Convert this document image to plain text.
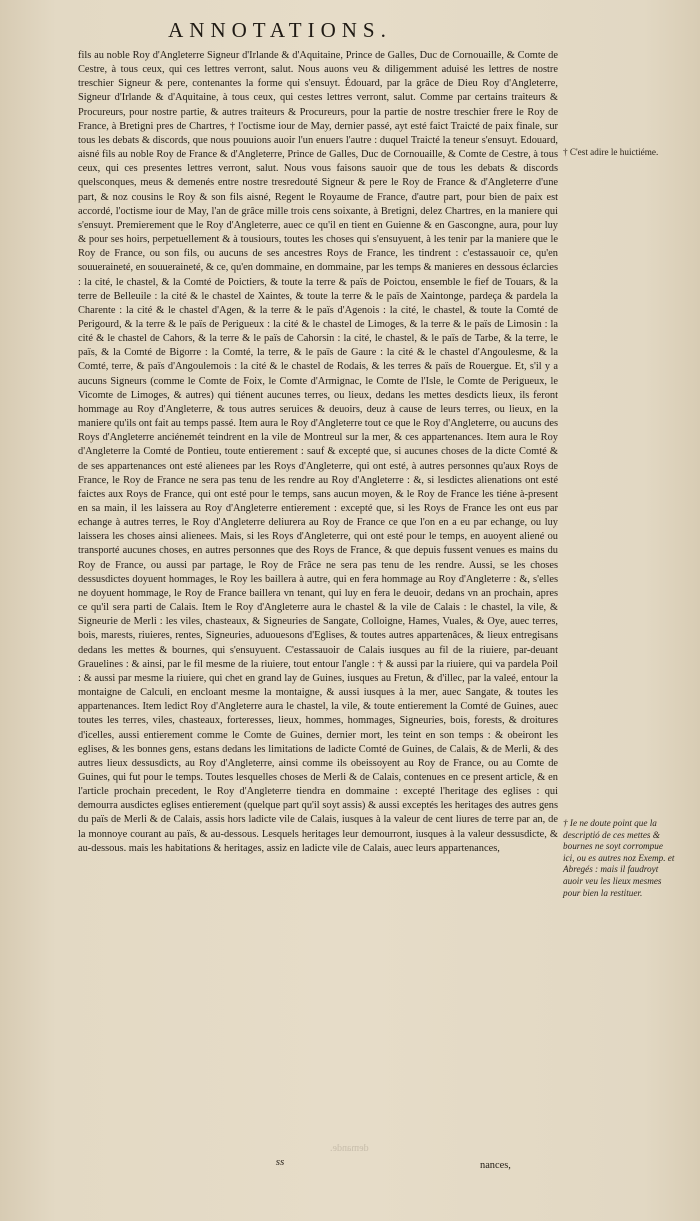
ANNOTATIONS.

fils au noble Roy d'Angleterre Signeur d'Irlande & d'Aquitaine, Prince de Galles, Duc de Cornouaille, & Comte de Cestre, à tous ceux, qui ces lettres verront, salut. Nous auons veu & diligemment aduisé les lettres de nostre treschier Signeur & pere, contenantes la forme qui s'ensuyt. Édouard, par la grâce de Dieu Roy d'Angleterre, Signeur d'Irlande & d'Aquitaine, à tous ceux, qui cestes lettres verront, salut. Comme par certains traiteurs & Procureurs, pour nostre partie, & autres traiteurs & Procureurs, pour la partie de nostre treschier frere le Roy de France, à Bretigni pres de Chartres, † l'octisme iour de May, dernier passé, ayt esté faict Traicté de paix finale, sur tous les debats & discords, que nous pouuions auoir l'un enuers l'autre : duquel Traicté la teneur s'ensuyt. Edouard, aisné fils au noble Roy de France & d'Angleterre, Prince de Galles, Duc de Cornouaille, & Comte de Cestre, à tous ceux, qui ces presentes lettres verront, salut. Nous vous faisons sauoir que de tous les debats & discords quelsconques, meus & demenés entre nostre tresredouté Signeur & pere le Roy de France & d'Angleterre d'une part, & noz cousins le Roy & son fils aisné, Regent le Royaume de France, d'autre part, pour bien de paix est accordé, l'octisme iour de May, l'an de grâce mille trois cens soixante, à Bretigni, delez Chartres, en la maniere qui s'ensuyt. Premierement que le Roy d'Angleterre, auec ce qu'il en tient en Guienne & en Gascongne, aura, pour luy & pour ses hoirs, perpetuellement & à tousiours, toutes les choses qui s'ensuyuent, à les tenir par la maniere que le Roy de France, ou son fils, ou aucuns de ses ancestres Roys de France, les tindrent : c'estassauoir ce, qu'en souueraineté, en souueraineté, & ce, qu'en dommaine, en dommaine, par les temps & manieres en dessous éclarcies : la cité, le chastel, & la Comté de Poictiers, & toute la terre & païs de Poictou, ensemble le fief de Touars, & la terre de Belleuile : la cité & le chastel de Xaintes, & toute la terre & le païs de Xaintonge, pardeça & pardela la Charente : la cité & le chastel d'Agen, & la terre & le païs d'Agenois : la cité, le chastel, & toute la Comté de Perigourd, & la terre & le païs de Perigueux : la cité & le chastel de Limoges, & la terre & le païs de Limosin : la cité & le chastel de Cahors, & la terre & le païs de Cahorsin : la cité, le chastel, & le païs de Tarbe, & la terre, le païs, & la Comté de Bigorre : la Comté, la terre, & le païs de Gaure : la cité & le chastel d'Angoulesme, & la Comté, terre, & païs d'Angoulemois : la cité & le chastel de Rodais, & les terres & païs de Rouergue. Et, s'il y a aucuns Signeurs (comme le Comte de Foix, le Comte d'Armignac, le Comte de l'Isle, le Comte de Perigueux, le Vicomte de Limoges, & autres) qui tiénent aucunes terres, ou lieux, dedans les mettes desdicts lieux, ils feront hommage au Roy d'Angleterre, & tous autres seruices & deuoirs, deuz à cause de leurs terres, ou lieux, en la maniere qu'ils ont fait au temps passé. Item aura le Roy d'Angleterre tout ce que le Roy d'Angleterre, ou aucuns des Roys d'Angleterre anciénemét teindrent en la vile de Montreul sur la mer, & ces appartenances. Item aura le Roy d'Angleterre la Comté de Pontieu, toute entierement : sauf & excepté que, si aucunes choses de la dicte Comté & de ses appartenances ont esté alienees par les Roys d'Angleterre, qui ont esté, à autres personnes qu'aux Roys de France, le Roy de France ne sera pas tenu de les rendre au Roy d'Angleterre : &, si lesdictes alienations ont esté faictes aux Roys de France, qui ont esté pour le temps, sans aucun moyen, & le Roy de France les tiéne à-present en sa main, il les laissera au Roy d'Angleterre entierement : excepté que, si les Roys de France les ont eus par echange à autres terres, le Roy d'Angleterre deliurera au Roy de France ce que l'on en a eu par echange, ou luy laissera les choses ainsi alienees. Mais, si les Roys d'Angleterre, qui ont esté pour le temps, en auoyent aliené ou transporté aucunes choses, en autres personnes que des Roys de France, & que depuis fussent venues es mains du Roy de France, ou aussi par partage, le Roy de Frâce ne sera pas tenu de les rendre. Aussi, se les choses dessusdictes doyuent hommages, le Roy les baillera à autre, qui en fera hommage au Roy d'Angleterre : &, s'elles ne doyuent hommage, le Roy de France baillera vn tenant, qui luy en fera le deuoir, dedans vn an prochain, apres ce qu'il sera parti de Calais. Item le Roy d'Angleterre aura le chastel & la vile de Calais : le chastel, la vile, & Signeurie de Merli : les viles, chasteaux, & Signeuries de Sangate, Colloigne, Hames, Vuales, & Oye, auec terres, bois, marests, riuieres, rentes, Signeuries, aduouesons d'Eglises, & toutes autres appartenâces, & lieux entregisans dedans les mettes & bournes, qui s'ensuyuent. C'estassauoir de Calais iusques au fil de la riuiere, par-deuant Grauelines : & ainsi, par le fil mesme de la riuiere, tout entour l'angle : † & aussi par la riuiere, qui va pardela Poil : & aussi par mesme la riuiere, qui chet en grand lay de Guines, iusques au Fretun, & d'illec, par la valeé, entour la montaigne de Calculi, en encloant mesme la montaigne, & aussi iusques à la mer, auec Sangate, & toutes les appartenances. Item ledict Roy d'Angleterre aura le chastel, la vile, & toute entierement la Comté de Guines, auec toutes les terres, viles, chasteaux, forteresses, lieux, hommes, hommages, Signeuries, bois, forests, & droitures d'icelles, aussi entierement comme le Comte de Guines, dernier mort, les teint en son temps : & obeiront les eglises, & les bonnes gens, estans dedans les limitations de ladicte Comté de Guines, de Calais, & de Merli, & des autres lieux dessusdicts, au Roy d'Angleterre, ainsi comme ils obeissoyent au Roy de France, ou au Comte de Guines, qui fut pour le temps. Toutes lesquelles choses de Merli & de Calais, contenues en ce present article, & en l'article prochain precedent, le Roy d'Angleterre tiendra en dommaine : excepté l'heritage des eglises : qui demourra ausdictes eglises entierement (quelque part qu'il soyt assis) & aussi exceptés les heritages des autres gens du païs de Merli & de Calais, assis hors ladicte vile de Calais, iusques à la valeur de cent liures de terre par an, de la monnoye courant au païs, & au-dessous. Lesquels heritages leur demourront, iusques à la valeur dessusdicte, & au-dessous. mais les habitations & heritages, assiz en ladicte vile de Calais, auec leurs appartenances,

† C'est adire le huictiéme.
† Ie ne doute point que la descriptió de ces mettes & bournes ne soyt corrompue ici, ou es autres noz Exemp. et Abregés : mais il faudroyt auoir veu les lieux mesmes pour bien la restituer.
demande.
ss	nances,
